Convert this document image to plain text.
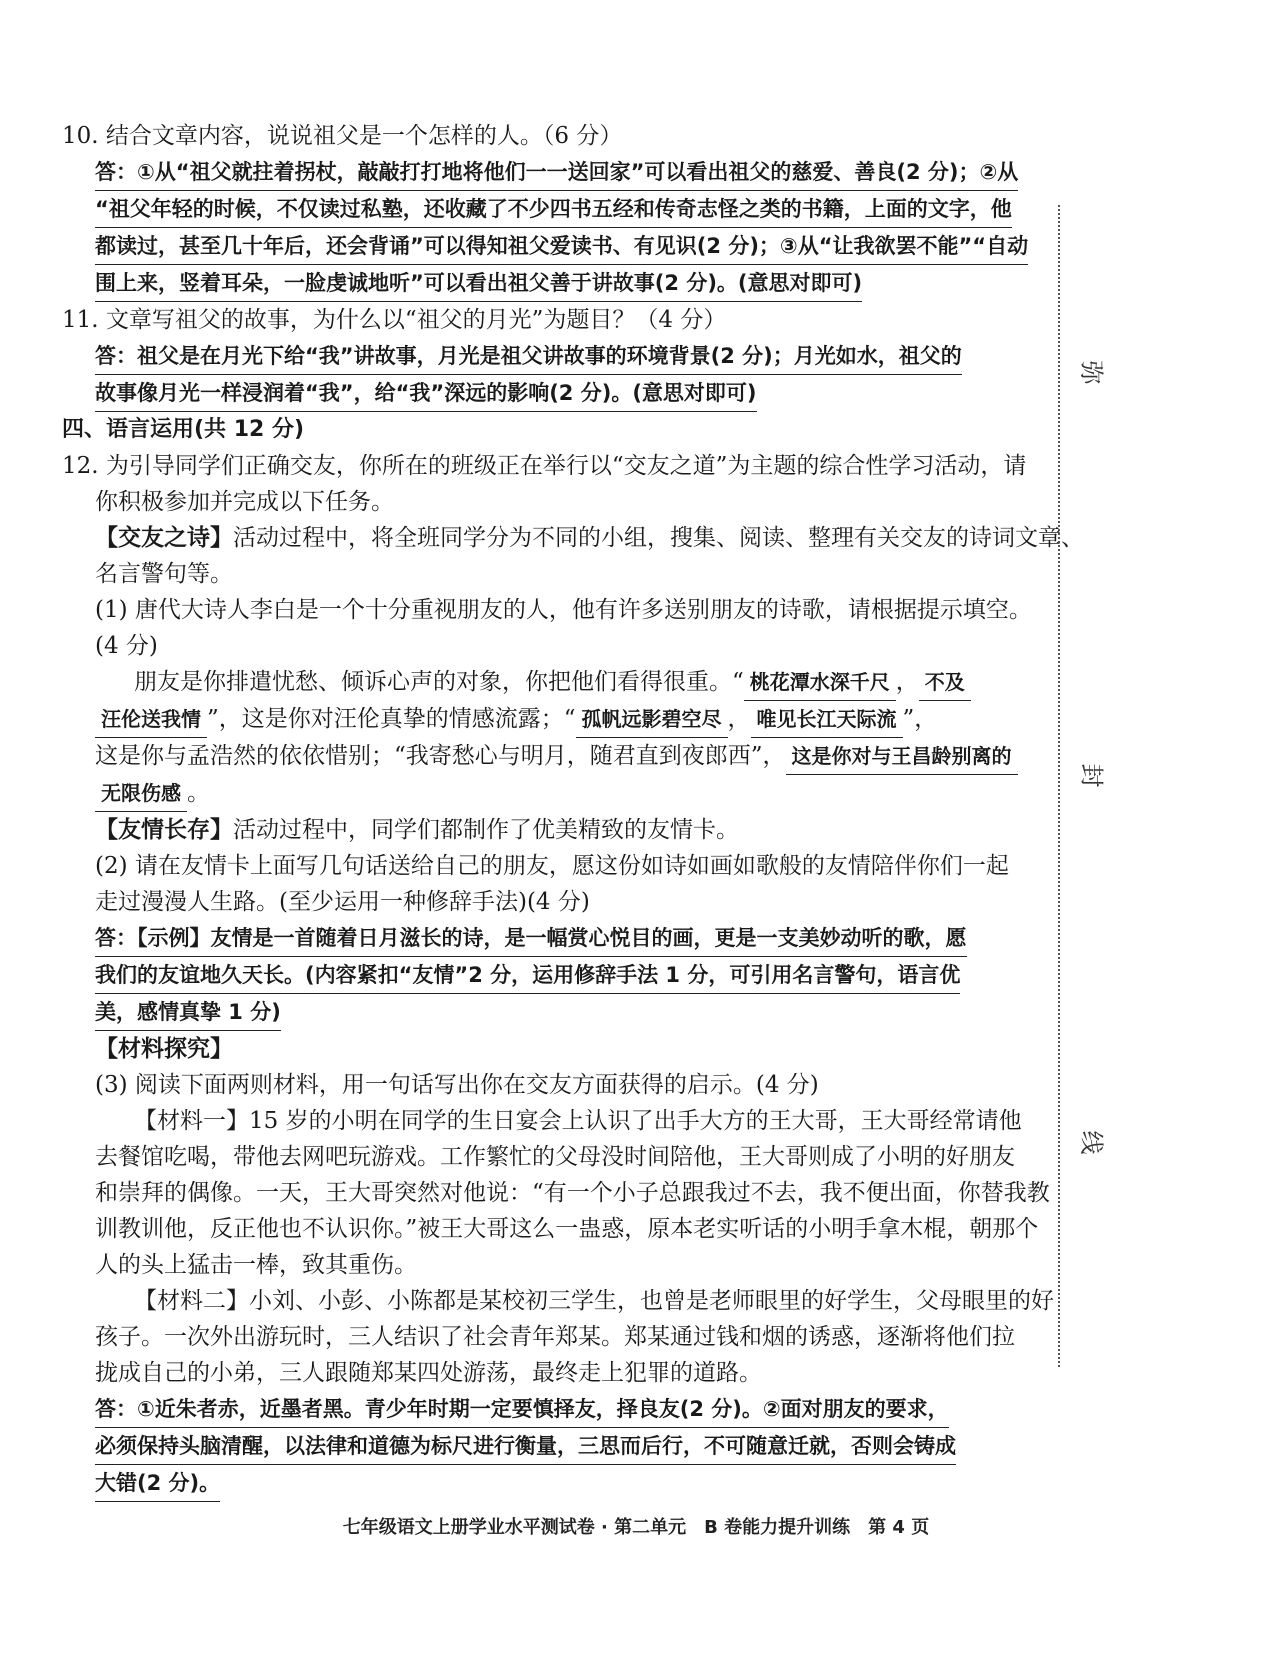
10. 结合文章内容，说说祖父是一个怎样的人。（6 分）

答：①从“祖父就拄着拐杖，敲敲打打地将他们一一送回家”可以看出祖父的慈爱、善良(2 分)；②从

“祖父年轻的时候，不仅读过私塾，还收藏了不少四书五经和传奇志怪之类的书籍，上面的文字，他

都读过，甚至几十年后，还会背诵”可以得知祖父爱读书、有见识(2 分)；③从“让我欲罢不能”“自动

围上来，竖着耳朵，一脸虔诚地听”可以看出祖父善于讲故事(2 分)。(意思对即可)

11. 文章写祖父的故事，为什么以“祖父的月光”为题目？（4 分）

答：祖父是在月光下给“我”讲故事，月光是祖父讲故事的环境背景(2 分)；月光如水，祖父的

故事像月光一样浸润着“我”，给“我”深远的影响(2 分)。(意思对即可)

四、语言运用(共 12 分)

12. 为引导同学们正确交友，你所在的班级正在举行以“交友之道”为主题的综合性学习活动，请

你积极参加并完成以下任务。

【交友之诗】活动过程中，将全班同学分为不同的小组，搜集、阅读、整理有关交友的诗词文章、

名言警句等。

(1) 唐代大诗人李白是一个十分重视朋友的人，他有许多送别朋友的诗歌，请根据提示填空。

(4 分)

朋友是你排遣忧愁、倾诉心声的对象，你把他们看得很重。“ 桃花潭水深千尺 ， 不及

汪伦送我情 ”，这是你对汪伦真挚的情感流露；“ 孤帆远影碧空尽 ， 唯见长江天际流 ”，

这是你与孟浩然的依依惜别；“我寄愁心与明月，随君直到夜郎西”， 这是你对与王昌龄别离的

无限伤感 。

【友情长存】活动过程中，同学们都制作了优美精致的友情卡。

(2) 请在友情卡上面写几句话送给自己的朋友，愿这份如诗如画如歌般的友情陪伴你们一起

走过漫漫人生路。(至少运用一种修辞手法)(4 分)

答：【示例】友情是一首随着日月滋长的诗，是一幅赏心悦目的画，更是一支美妙动听的歌，愿

我们的友谊地久天长。(内容紧扣“友情”2 分，运用修辞手法 1 分，可引用名言警句，语言优

美，感情真挚 1 分)

【材料探究】

(3) 阅读下面两则材料，用一句话写出你在交友方面获得的启示。(4 分)

【材料一】15 岁的小明在同学的生日宴会上认识了出手大方的王大哥，王大哥经常请他

去餐馆吃喝，带他去网吧玩游戏。工作繁忙的父母没时间陪他，王大哥则成了小明的好朋友

和崇拜的偶像。一天，王大哥突然对他说：“有一个小子总跟我过不去，我不便出面，你替我教

训教训他，反正他也不认识你。”被王大哥这么一蛊惑，原本老实听话的小明手拿木棍，朝那个

人的头上猛击一棒，致其重伤。

【材料二】小刘、小彭、小陈都是某校初三学生，也曾是老师眼里的好学生，父母眼里的好

孩子。一次外出游玩时，三人结识了社会青年郑某。郑某通过钱和烟的诱惑，逐渐将他们拉

拢成自己的小弟，三人跟随郑某四处游荡，最终走上犯罪的道路。

答：①近朱者赤，近墨者黑。青少年时期一定要慎择友，择良友(2 分)。②面对朋友的要求，

必须保持头脑清醒，以法律和道德为标尺进行衡量，三思而后行，不可随意迁就，否则会铸成

大错(2 分)。

弥
封
线
七年级语文上册学业水平测试卷 · 第二单元　B 卷能力提升训练　第 4 页
